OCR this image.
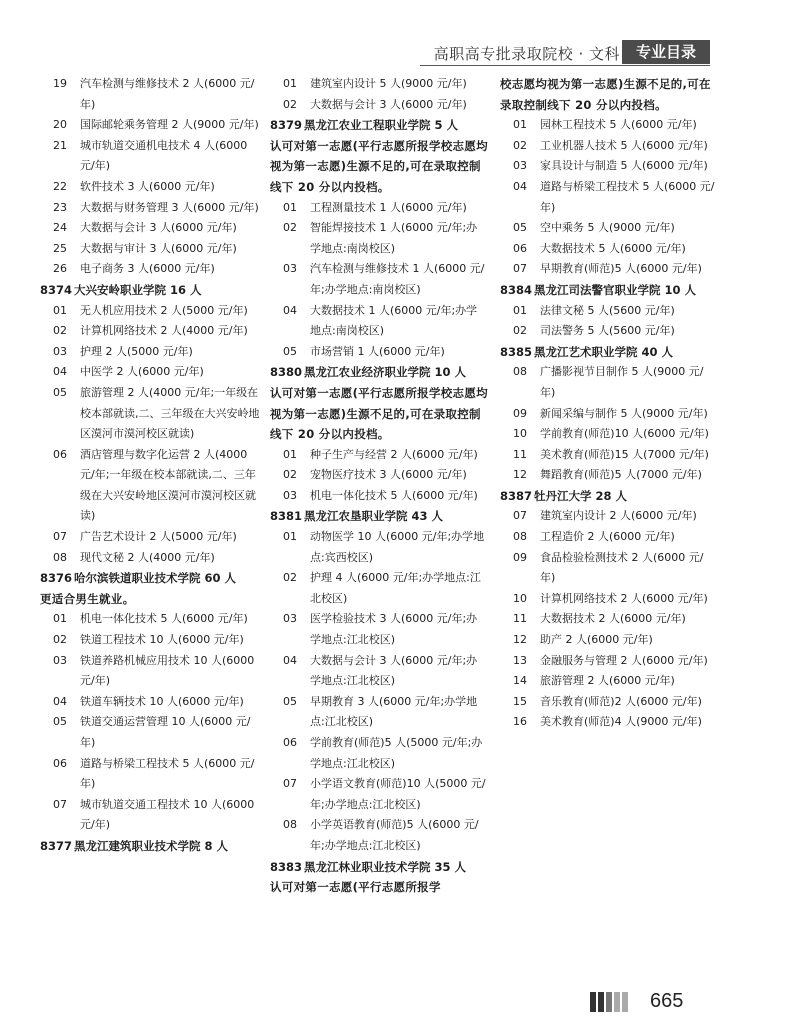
高职高专批录取院校 · 文科	专业目录
19	汽车检测与维修技术 2 人(6000 元/年)
20	国际邮轮乘务管理 2 人(9000 元/年)
21	城市轨道交通机电技术 4 人(6000 元/年)
22	软件技术 3 人(6000 元/年)
23	大数据与财务管理 3 人(6000 元/年)
24	大数据与会计 3 人(6000 元/年)
25	大数据与审计 3 人(6000 元/年)
26	电子商务 3 人(6000 元/年)
8374 大兴安岭职业学院 16 人
01	无人机应用技术 2 人(5000 元/年)
02	计算机网络技术 2 人(4000 元/年)
03	护理 2 人(5000 元/年)
04	中医学 2 人(6000 元/年)
05	旅游管理 2 人(4000 元/年;一年级在校本部就读,二、三年级在大兴安岭地区漠河市漠河校区就读)
06	酒店管理与数字化运营 2 人(4000 元/年;一年级在校本部就读,二、三年级在大兴安岭地区漠河市漠河校区就读)
07	广告艺术设计 2 人(5000 元/年)
08	现代文秘 2 人(4000 元/年)
8376 哈尔滨铁道职业技术学院 60 人
更适合男生就业。
01	机电一体化技术 5 人(6000 元/年)
02	铁道工程技术 10 人(6000 元/年)
03	铁道养路机械应用技术 10 人(6000 元/年)
04	铁道车辆技术 10 人(6000 元/年)
05	铁道交通运营管理 10 人(6000 元/年)
06	道路与桥梁工程技术 5 人(6000 元/年)
07	城市轨道交通工程技术 10 人(6000 元/年)
8377 黑龙江建筑职业技术学院 8 人
01	建筑室内设计 5 人(9000 元/年)
02	大数据与会计 3 人(6000 元/年)
8379 黑龙江农业工程职业学院 5 人
认可对第一志愿(平行志愿所报学校志愿均视为第一志愿)生源不足的,可在录取控制线下 20 分以内投档。
01	工程测量技术 1 人(6000 元/年)
02	智能焊接技术 1 人(6000 元/年;办学地点:南岗校区)
03	汽车检测与维修技术 1 人(6000 元/年;办学地点:南岗校区)
04	大数据技术 1 人(6000 元/年;办学地点:南岗校区)
05	市场营销 1 人(6000 元/年)
8380 黑龙江农业经济职业学院 10 人
认可对第一志愿(平行志愿所报学校志愿均视为第一志愿)生源不足的,可在录取控制线下 20 分以内投档。
01	种子生产与经营 2 人(6000 元/年)
02	宠物医疗技术 3 人(6000 元/年)
03	机电一体化技术 5 人(6000 元/年)
8381 黑龙江农垦职业学院 43 人
01	动物医学 10 人(6000 元/年;办学地点:宾西校区)
02	护理 4 人(6000 元/年;办学地点:江北校区)
03	医学检验技术 3 人(6000 元/年;办学地点:江北校区)
04	大数据与会计 3 人(6000 元/年;办学地点:江北校区)
05	早期教育 3 人(6000 元/年;办学地点:江北校区)
06	学前教育(师范)5 人(5000 元/年;办学地点:江北校区)
07	小学语文教育(师范)10 人(5000 元/年;办学地点:江北校区)
08	小学英语教育(师范)5 人(6000 元/年;办学地点:江北校区)
8383 黑龙江林业职业技术学院 35 人
认可对第一志愿(平行志愿所报学
校志愿均视为第一志愿)生源不足的,可在录取控制线下 20 分以内投档。
01	园林工程技术 5 人(6000 元/年)
02	工业机器人技术 5 人(6000 元/年)
03	家具设计与制造 5 人(6000 元/年)
04	道路与桥梁工程技术 5 人(6000 元/年)
05	空中乘务 5 人(9000 元/年)
06	大数据技术 5 人(6000 元/年)
07	早期教育(师范)5 人(6000 元/年)
8384 黑龙江司法警官职业学院 10 人
01	法律文秘 5 人(5600 元/年)
02	司法警务 5 人(5600 元/年)
8385 黑龙江艺术职业学院 40 人
08	广播影视节目制作 5 人(9000 元/年)
09	新闻采编与制作 5 人(9000 元/年)
10	学前教育(师范)10 人(6000 元/年)
11	美术教育(师范)15 人(7000 元/年)
12	舞蹈教育(师范)5 人(7000 元/年)
8387 牡丹江大学 28 人
07	建筑室内设计 2 人(6000 元/年)
08	工程造价 2 人(6000 元/年)
09	食品检验检测技术 2 人(6000 元/年)
10	计算机网络技术 2 人(6000 元/年)
11	大数据技术 2 人(6000 元/年)
12	助产 2 人(6000 元/年)
13	金融服务与管理 2 人(6000 元/年)
14	旅游管理 2 人(6000 元/年)
15	音乐教育(师范)2 人(6000 元/年)
16	美术教育(师范)4 人(9000 元/年)
665
